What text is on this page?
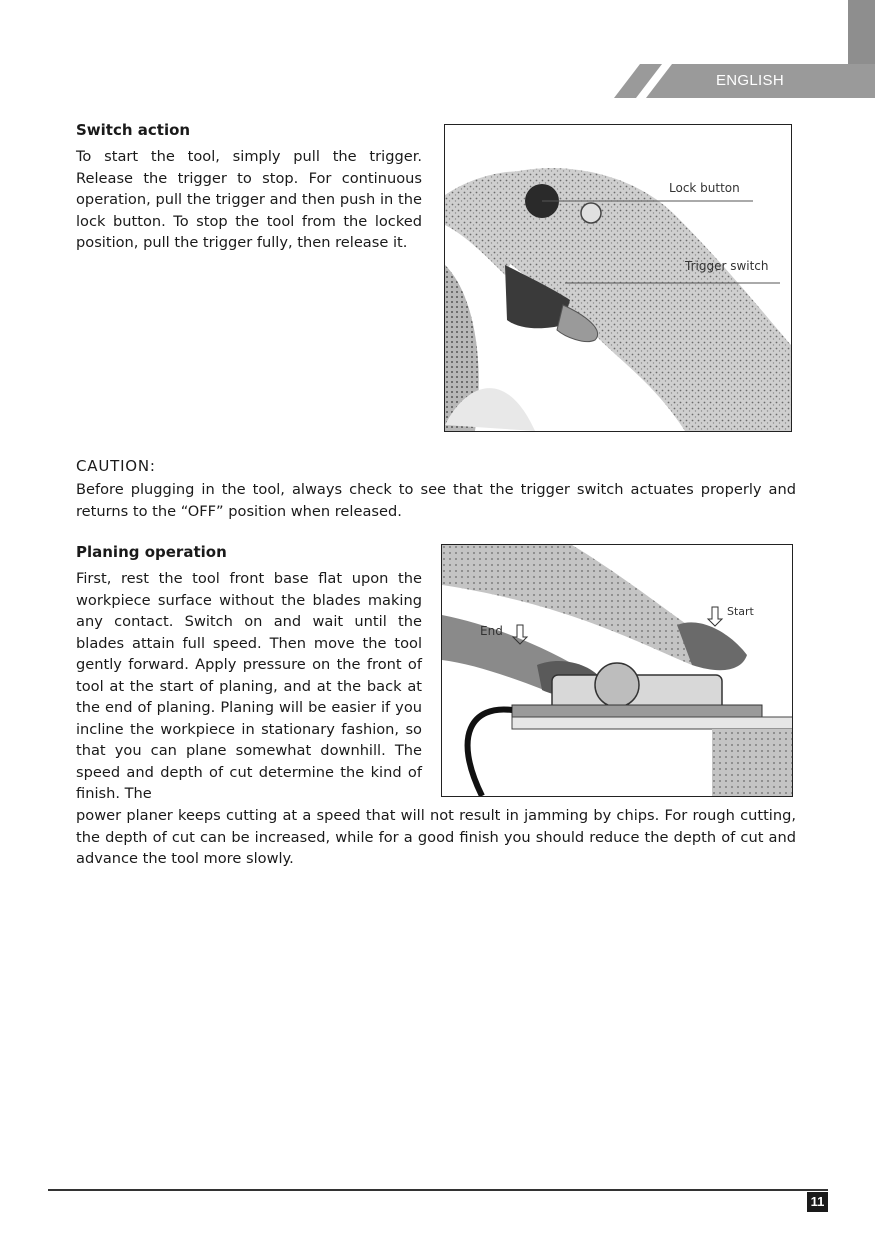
ENGLISH
Switch action

To start the tool, simply pull the trigger. Release the trigger to stop. For continuous operation, pull the trigger and then push in the lock button. To stop the tool from the locked position, pull the trigger fully, then release it.

Lock button
Trigger switch
CAUTION:

Before plugging in the tool, always check to see that the trigger switch actuates properly and returns to the “OFF” position when released.

Planing operation

First, rest the tool front base flat upon the workpiece surface without the blades making any contact. Switch on and wait until the blades attain full speed. Then move the tool gently forward. Apply pressure on the front of tool at the start of planing, and at the back at the end of planing. Planing will be easier if you incline the workpiece in stationary fashion, so that you can plane somewhat downhill. The speed and depth of cut determine the kind of finish. The

power planer keeps cutting at a speed that will not result in jamming by chips. For rough cutting, the depth of cut can be increased, while for a good finish you should reduce the depth of cut and advance the tool more slowly.

End
Start
11
